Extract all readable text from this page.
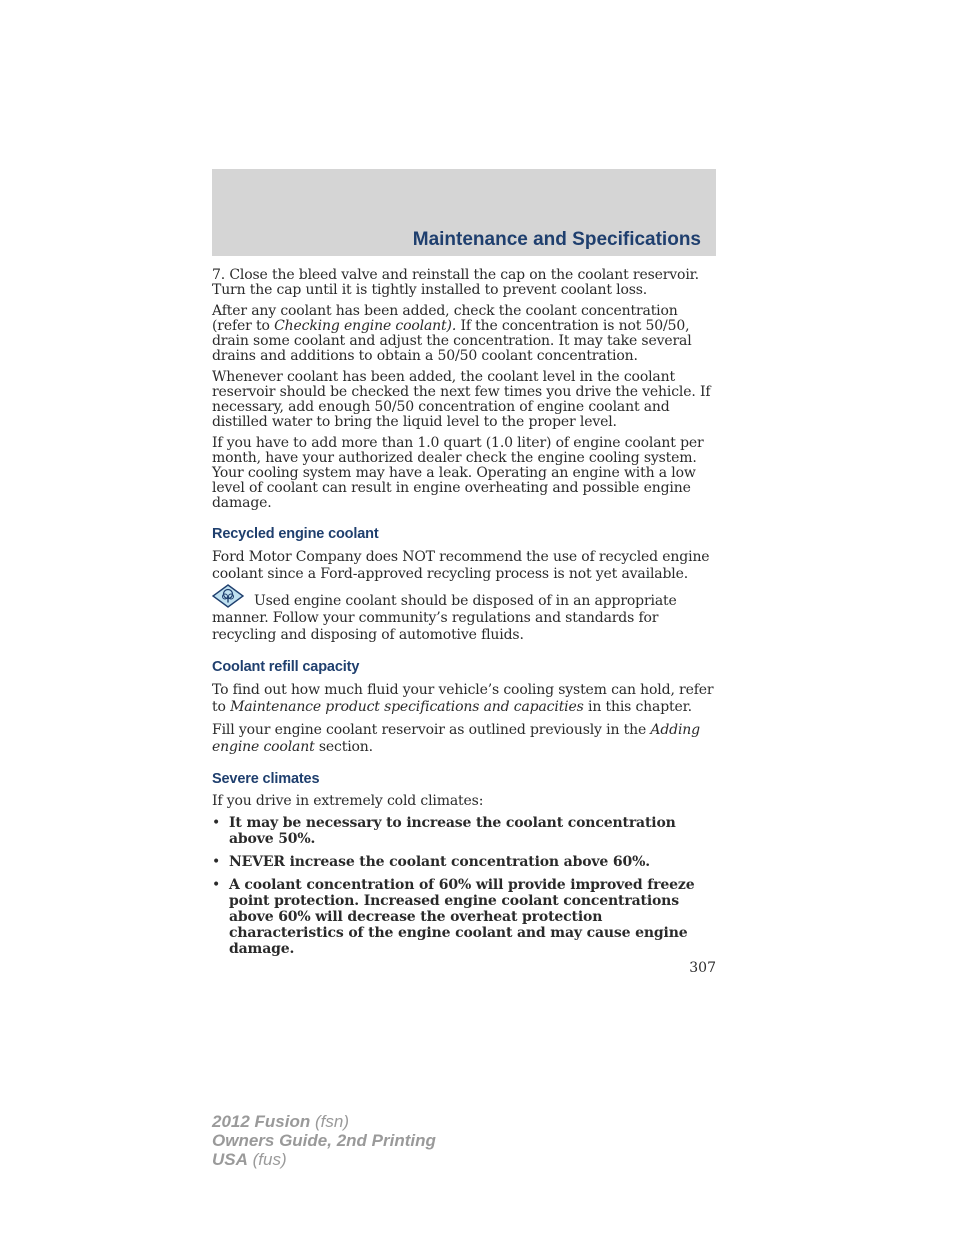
Maintenance and Specifications

7. Close the bleed valve and reinstall the cap on the coolant reservoir. Turn the cap until it is tightly installed to prevent coolant loss.

After any coolant has been added, check the coolant concentration (refer to Checking engine coolant). If the concentration is not 50/50, drain some coolant and adjust the concentration. It may take several drains and additions to obtain a 50/50 coolant concentration.

Whenever coolant has been added, the coolant level in the coolant reservoir should be checked the next few times you drive the vehicle. If necessary, add enough 50/50 concentration of engine coolant and distilled water to bring the liquid level to the proper level.

If you have to add more than 1.0 quart (1.0 liter) of engine coolant per month, have your authorized dealer check the engine cooling system. Your cooling system may have a leak. Operating an engine with a low level of coolant can result in engine overheating and possible engine damage.

Recycled engine coolant

Ford Motor Company does NOT recommend the use of recycled engine coolant since a Ford-approved recycling process is not yet available.

Used engine coolant should be disposed of in an appropriate manner. Follow your community’s regulations and standards for recycling and disposing of automotive fluids.
Coolant refill capacity

To find out how much fluid your vehicle’s cooling system can hold, refer to Maintenance product specifications and capacities in this chapter.

Fill your engine coolant reservoir as outlined previously in the Adding engine coolant section.

Severe climates

If you drive in extremely cold climates:

• It may be necessary to increase the coolant concentration above 50%.
• NEVER increase the coolant concentration above 60%.
• A coolant concentration of 60% will provide improved freeze point protection. Increased engine coolant concentrations above 60% will decrease the overheat protection characteristics of the engine coolant and may cause engine damage.
307
2012 Fusion (fsn)
Owners Guide, 2nd Printing
USA (fus)
